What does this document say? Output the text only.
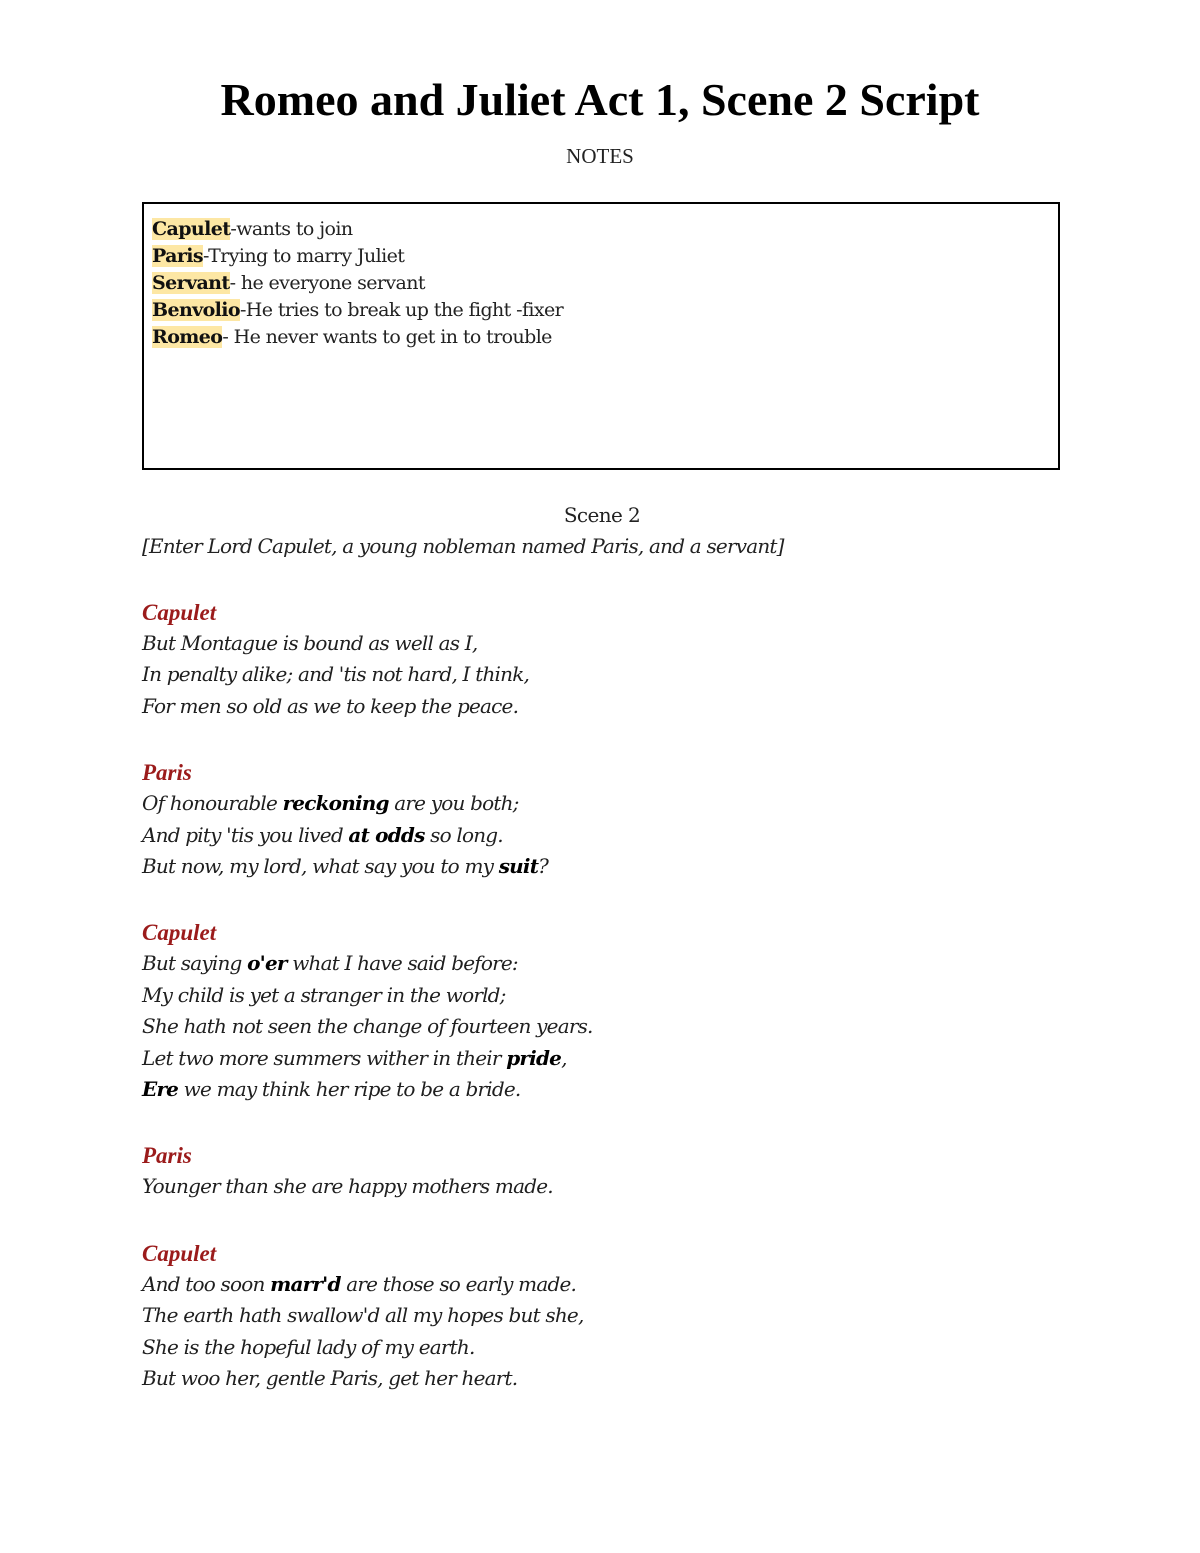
Romeo and Juliet Act 1, Scene 2 Script
NOTES
Capulet-wants to join
Paris-Trying to marry Juliet
Servant- he everyone servant
Benvolio-He tries to break up the fight -fixer
Romeo- He never wants to get in to trouble

Scene 2

[Enter Lord Capulet, a young nobleman named Paris, and a servant]

Capulet
But Montague is bound as well as I,
In penalty alike; and 'tis not hard, I think,
For men so old as we to keep the peace.
Paris
Of honourable reckoning are you both;
And pity 'tis you lived at odds so long.
But now, my lord, what say you to my suit?
Capulet
But saying o'er what I have said before:
My child is yet a stranger in the world;
She hath not seen the change of fourteen years.
Let two more summers wither in their pride,
Ere we may think her ripe to be a bride.
Paris
Younger than she are happy mothers made.
Capulet
And too soon marr'd are those so early made.
The earth hath swallow'd all my hopes but she,
She is the hopeful lady of my earth.
But woo her, gentle Paris, get her heart.
